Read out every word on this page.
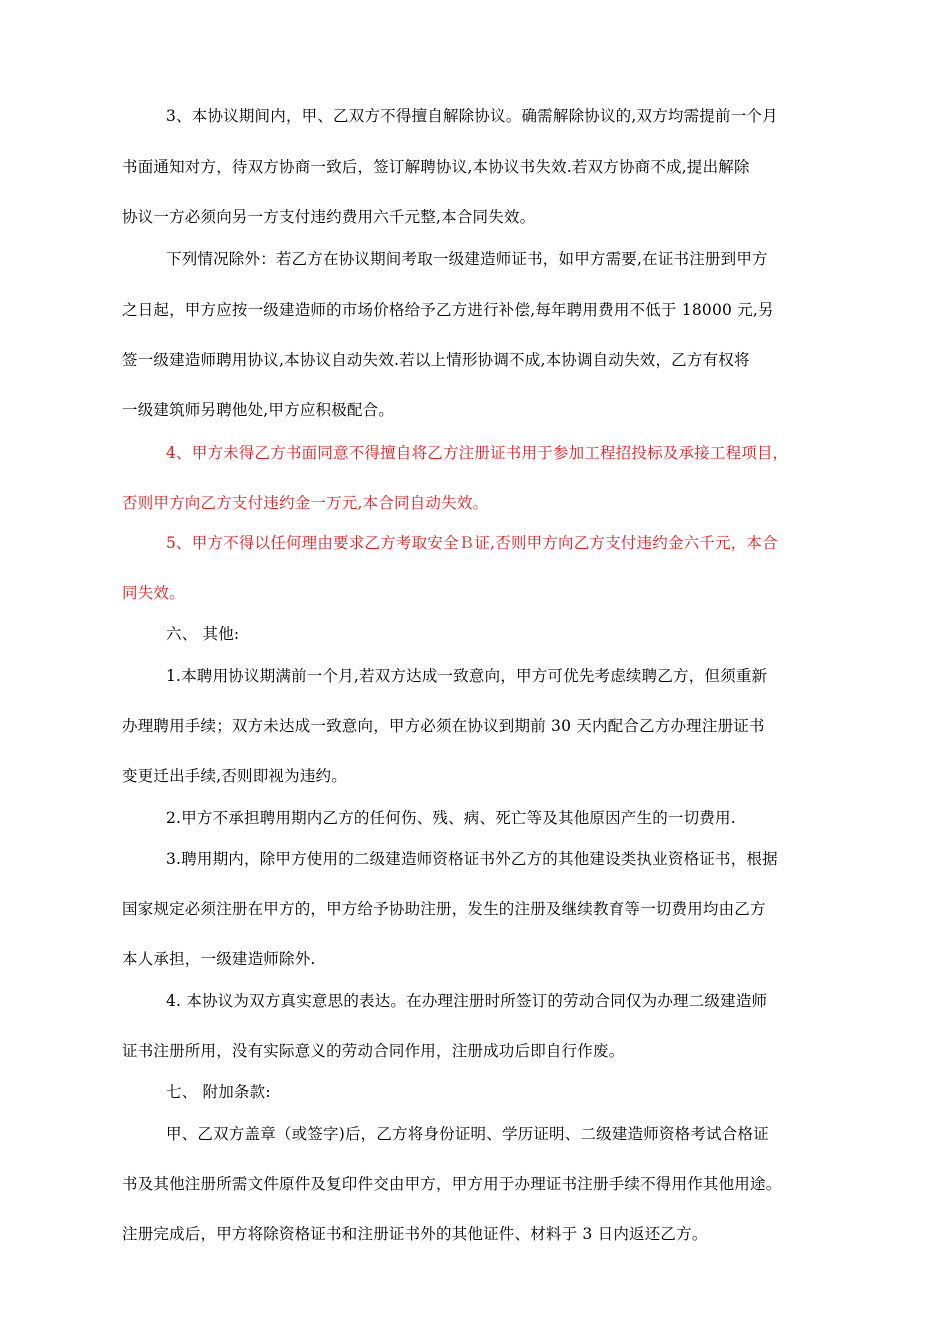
3、本协议期间内，甲、乙双方不得擅自解除协议。确需解除协议的,双方均需提前一个月
书面通知对方，待双方协商一致后，签订解聘协议,本协议书失效.若双方协商不成,提出解除
协议一方必须向另一方支付违约费用六千元整,本合同失效。
下列情况除外：若乙方在协议期间考取一级建造师证书，如甲方需要,在证书注册到甲方
之日起，甲方应按一级建造师的市场价格给予乙方进行补偿,每年聘用费用不低于 18000 元,另
签一级建造师聘用协议,本协议自动失效.若以上情形协调不成,本协调自动失效，乙方有权将
一级建筑师另聘他处,甲方应积极配合。
4、甲方未得乙方书面同意不得擅自将乙方注册证书用于参加工程招投标及承接工程项目，
否则甲方向乙方支付违约金一万元,本合同自动失效。
5、甲方不得以任何理由要求乙方考取安全Ｂ证,否则甲方向乙方支付违约金六千元，本合
同失效。
六、 其他:
1.本聘用协议期满前一个月,若双方达成一致意向，甲方可优先考虑续聘乙方，但须重新
办理聘用手续；双方未达成一致意向，甲方必须在协议到期前 30 天内配合乙方办理注册证书
变更迁出手续,否则即视为违约。
2.甲方不承担聘用期内乙方的任何伤、残、病、死亡等及其他原因产生的一切费用.
3.聘用期内，除甲方使用的二级建造师资格证书外乙方的其他建设类执业资格证书，根据
国家规定必须注册在甲方的，甲方给予协助注册，发生的注册及继续教育等一切费用均由乙方
本人承担，一级建造师除外.
4. 本协议为双方真实意思的表达。在办理注册时所签订的劳动合同仅为办理二级建造师
证书注册所用，没有实际意义的劳动合同作用，注册成功后即自行作废。
七、 附加条款:
甲、乙双方盖章（或签字)后，乙方将身份证明、学历证明、二级建造师资格考试合格证
书及其他注册所需文件原件及复印件交由甲方，甲方用于办理证书注册手续不得用作其他用途。
注册完成后，甲方将除资格证书和注册证书外的其他证件、材料于 3 日内返还乙方。
